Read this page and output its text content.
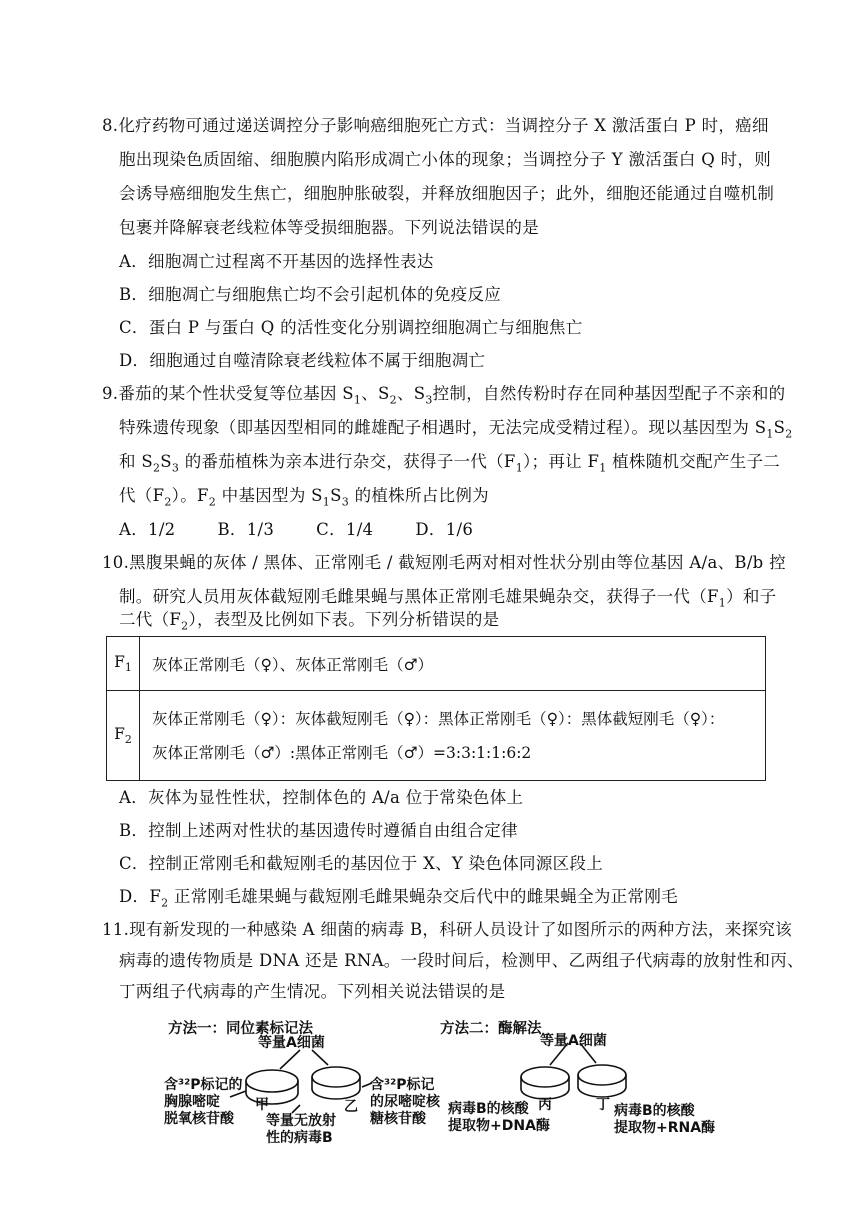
8.化疗药物可通过递送调控分子影响癌细胞死亡方式：当调控分子 X 激活蛋白 P 时，癌细
胞出现染色质固缩、细胞膜内陷形成凋亡小体的现象；当调控分子 Y 激活蛋白 Q 时，则
会诱导癌细胞发生焦亡，细胞肿胀破裂，并释放细胞因子；此外，细胞还能通过自噬机制
包裹并降解衰老线粒体等受损细胞器。下列说法错误的是
A．细胞凋亡过程离不开基因的选择性表达
B．细胞凋亡与细胞焦亡均不会引起机体的免疫反应
C．蛋白 P 与蛋白 Q 的活性变化分别调控细胞凋亡与细胞焦亡
D．细胞通过自噬清除衰老线粒体不属于细胞凋亡
9.番茄的某个性状受复等位基因 $S_1$、$S_2$、$S_3$控制，自然传粉时存在同种基因型配子不亲和的
特殊遗传现象（即基因型相同的雌雄配子相遇时，无法完成受精过程）。现以基因型为 $S_1S_2$
和 $S_2S_3$ 的番茄植株为亲本进行杂交，获得子一代$(F_1)$；再让 $F_1$ 植株随机交配产生子二
代$(F_2)$。$F_2$ 中基因型为 $S_1S_3$ 的植株所占比例为
A．1/2	B．1/3	C．1/4	D．1/6
10.黑腹果蝇的灰体 / 黑体、正常刚毛 / 截短刚毛两对相对性状分别由等位基因 A/a、B/b 控
制。研究人员用灰体截短刚毛雌果蝇与黑体正常刚毛雄果蝇杂交，获得子一代$(F_1)$和子
二代$(F_2)$，表型及比例如下表。下列分析错误的是
$F_1$	灰体正常刚毛（♀）、灰体正常刚毛（♂）
$F_2$	灰体正常刚毛（♀）：灰体截短刚毛（♀）：黑体正常刚毛（♀）：黑体截短刚毛（♀）：
灰体正常刚毛（♂）:黑体正常刚毛（♂）=3:3:1:1:6:2
A．灰体为显性性状，控制体色的 A/a 位于常染色体上
B．控制上述两对性状的基因遗传时遵循自由组合定律
C．控制正常刚毛和截短刚毛的基因位于 X、Y 染色体同源区段上
D．$F_2$ 正常刚毛雄果蝇与截短刚毛雌果蝇杂交后代中的雌果蝇全为正常刚毛
11.现有新发现的一种感染 A 细菌的病毒 B，科研人员设计了如图所示的两种方法，来探究该
病毒的遗传物质是 DNA 还是 RNA。一段时间后，检测甲、乙两组子代病毒的放射性和丙、
丁两组子代病毒的产生情况。下列相关说法错误的是
方法一：同位素标记法	方法二：酶解法
等量A细菌	等量A细菌
含³²P标记的
胸腺嘧啶
脱氧核苷酸
甲	乙
等量无放射
性的病毒B
含³²P标记
的尿嘧啶核
糖核苷酸
病毒B的核酸
提取物+DNA酶
丙	丁 病毒B的核酸
提取物+RNA酶
